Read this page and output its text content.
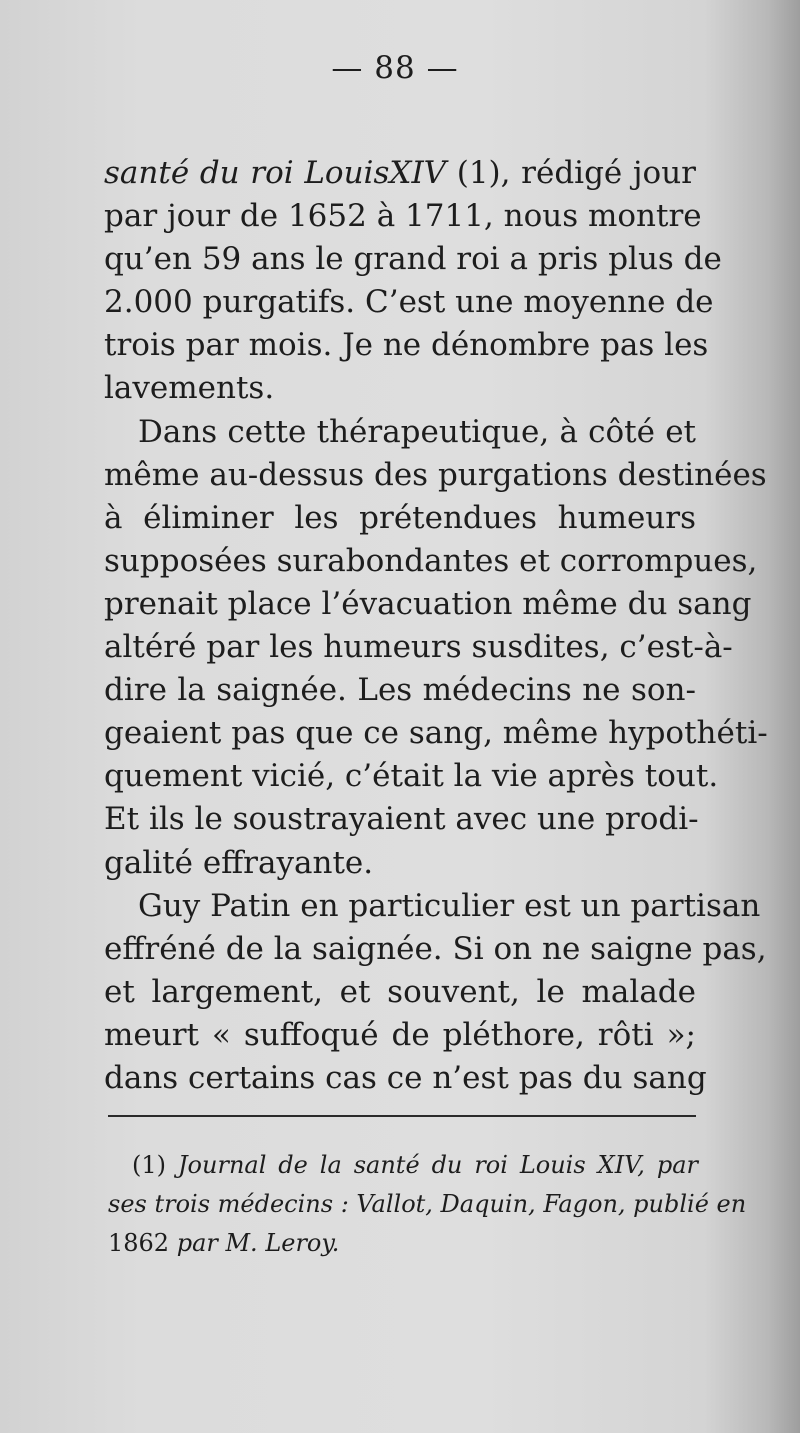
— 88 —
santé du roi LouisXIV (1), rédigé jour
par jour de 1652 à 1711, nous montre
qu’en 59 ans le grand roi a pris plus de
2.000 purgatifs. C’est une moyenne de
trois par mois. Je ne dénombre pas les
lavements.
Dans cette thérapeutique, à côté et
même au-dessus des purgations destinées
à éliminer les prétendues humeurs
supposées surabondantes et corrompues,
prenait place l’évacuation même du sang
altéré par les humeurs susdites, c’est-à-
dire la saignée. Les médecins ne son-
geaient pas que ce sang, même hypothéti-
quement vicié, c’était la vie après tout.
Et ils le soustrayaient avec une prodi-
galité effrayante.
Guy Patin en particulier est un partisan
effréné de la saignée. Si on ne saigne pas,
et largement, et souvent, le malade
meurt « suffoqué de pléthore, rôti »;
dans certains cas ce n’est pas du sang
(1) Journal de la santé du roi Louis XIV, par
ses trois médecins : Vallot, Daquin, Fagon, publié en
1862 par M. Leroy.
